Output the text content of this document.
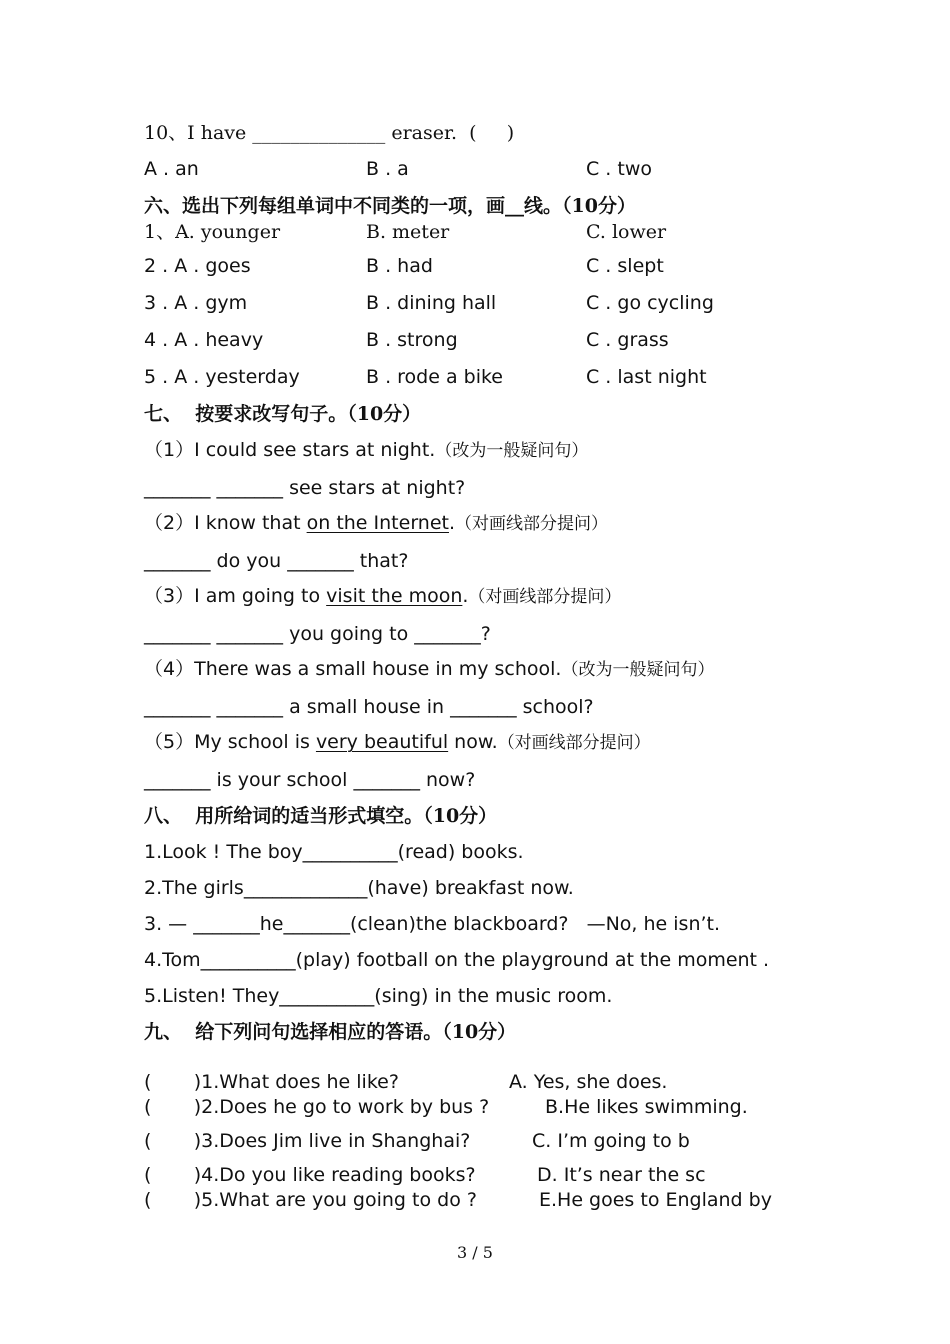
10、I have ______________ eraser.  (     )
A . an	B . a	C . two
六、选出下列每组单词中不同类的一项，画__线。（10分）
1、A. younger	B. meter	C. lower
2 . A . goes	B . had	C . slept
3 . A . gym	B . dining hall	C . go cycling
4 . A . heavy	B . strong	C . grass
5 . A . yesterday	B . rode a bike	C . last night
七、  按要求改写句子。（10分）
（1）I could see stars at night.（改为一般疑问句）
_______ _______ see stars at night?
（2）I know that on the Internet.（对画线部分提问）
_______ do you _______ that?
（3）I am going to visit the moon.（对画线部分提问）
_______ _______ you going to _______?
（4）There was a small house in my school.（改为一般疑问句）
_______ _______ a small house in _______ school?
（5）My school is very beautiful now.（对画线部分提问）
_______ is your school _______ now?
八、  用所给词的适当形式填空。（10分）
1.Look ! The boy__________(read) books.
2.The girls_____________(have) breakfast now.
3. — _______he_______(clean)the blackboard?   —No, he isn’t.
4.Tom__________(play) football on the playground at the moment .
5.Listen! They__________(sing) in the music room.
九、  给下列问句选择相应的答语。（10分）
(       )1.What does he like?	A. Yes, she does.
(       )2.Does he go to work by bus ?	B.He likes swimming.
(       )3.Does Jim live in Shanghai?	C. I’m going to b
(       )4.Do you like reading books?	D. It’s near the sc
(       )5.What are you going to do ?	E.He goes to England by
3 / 5
